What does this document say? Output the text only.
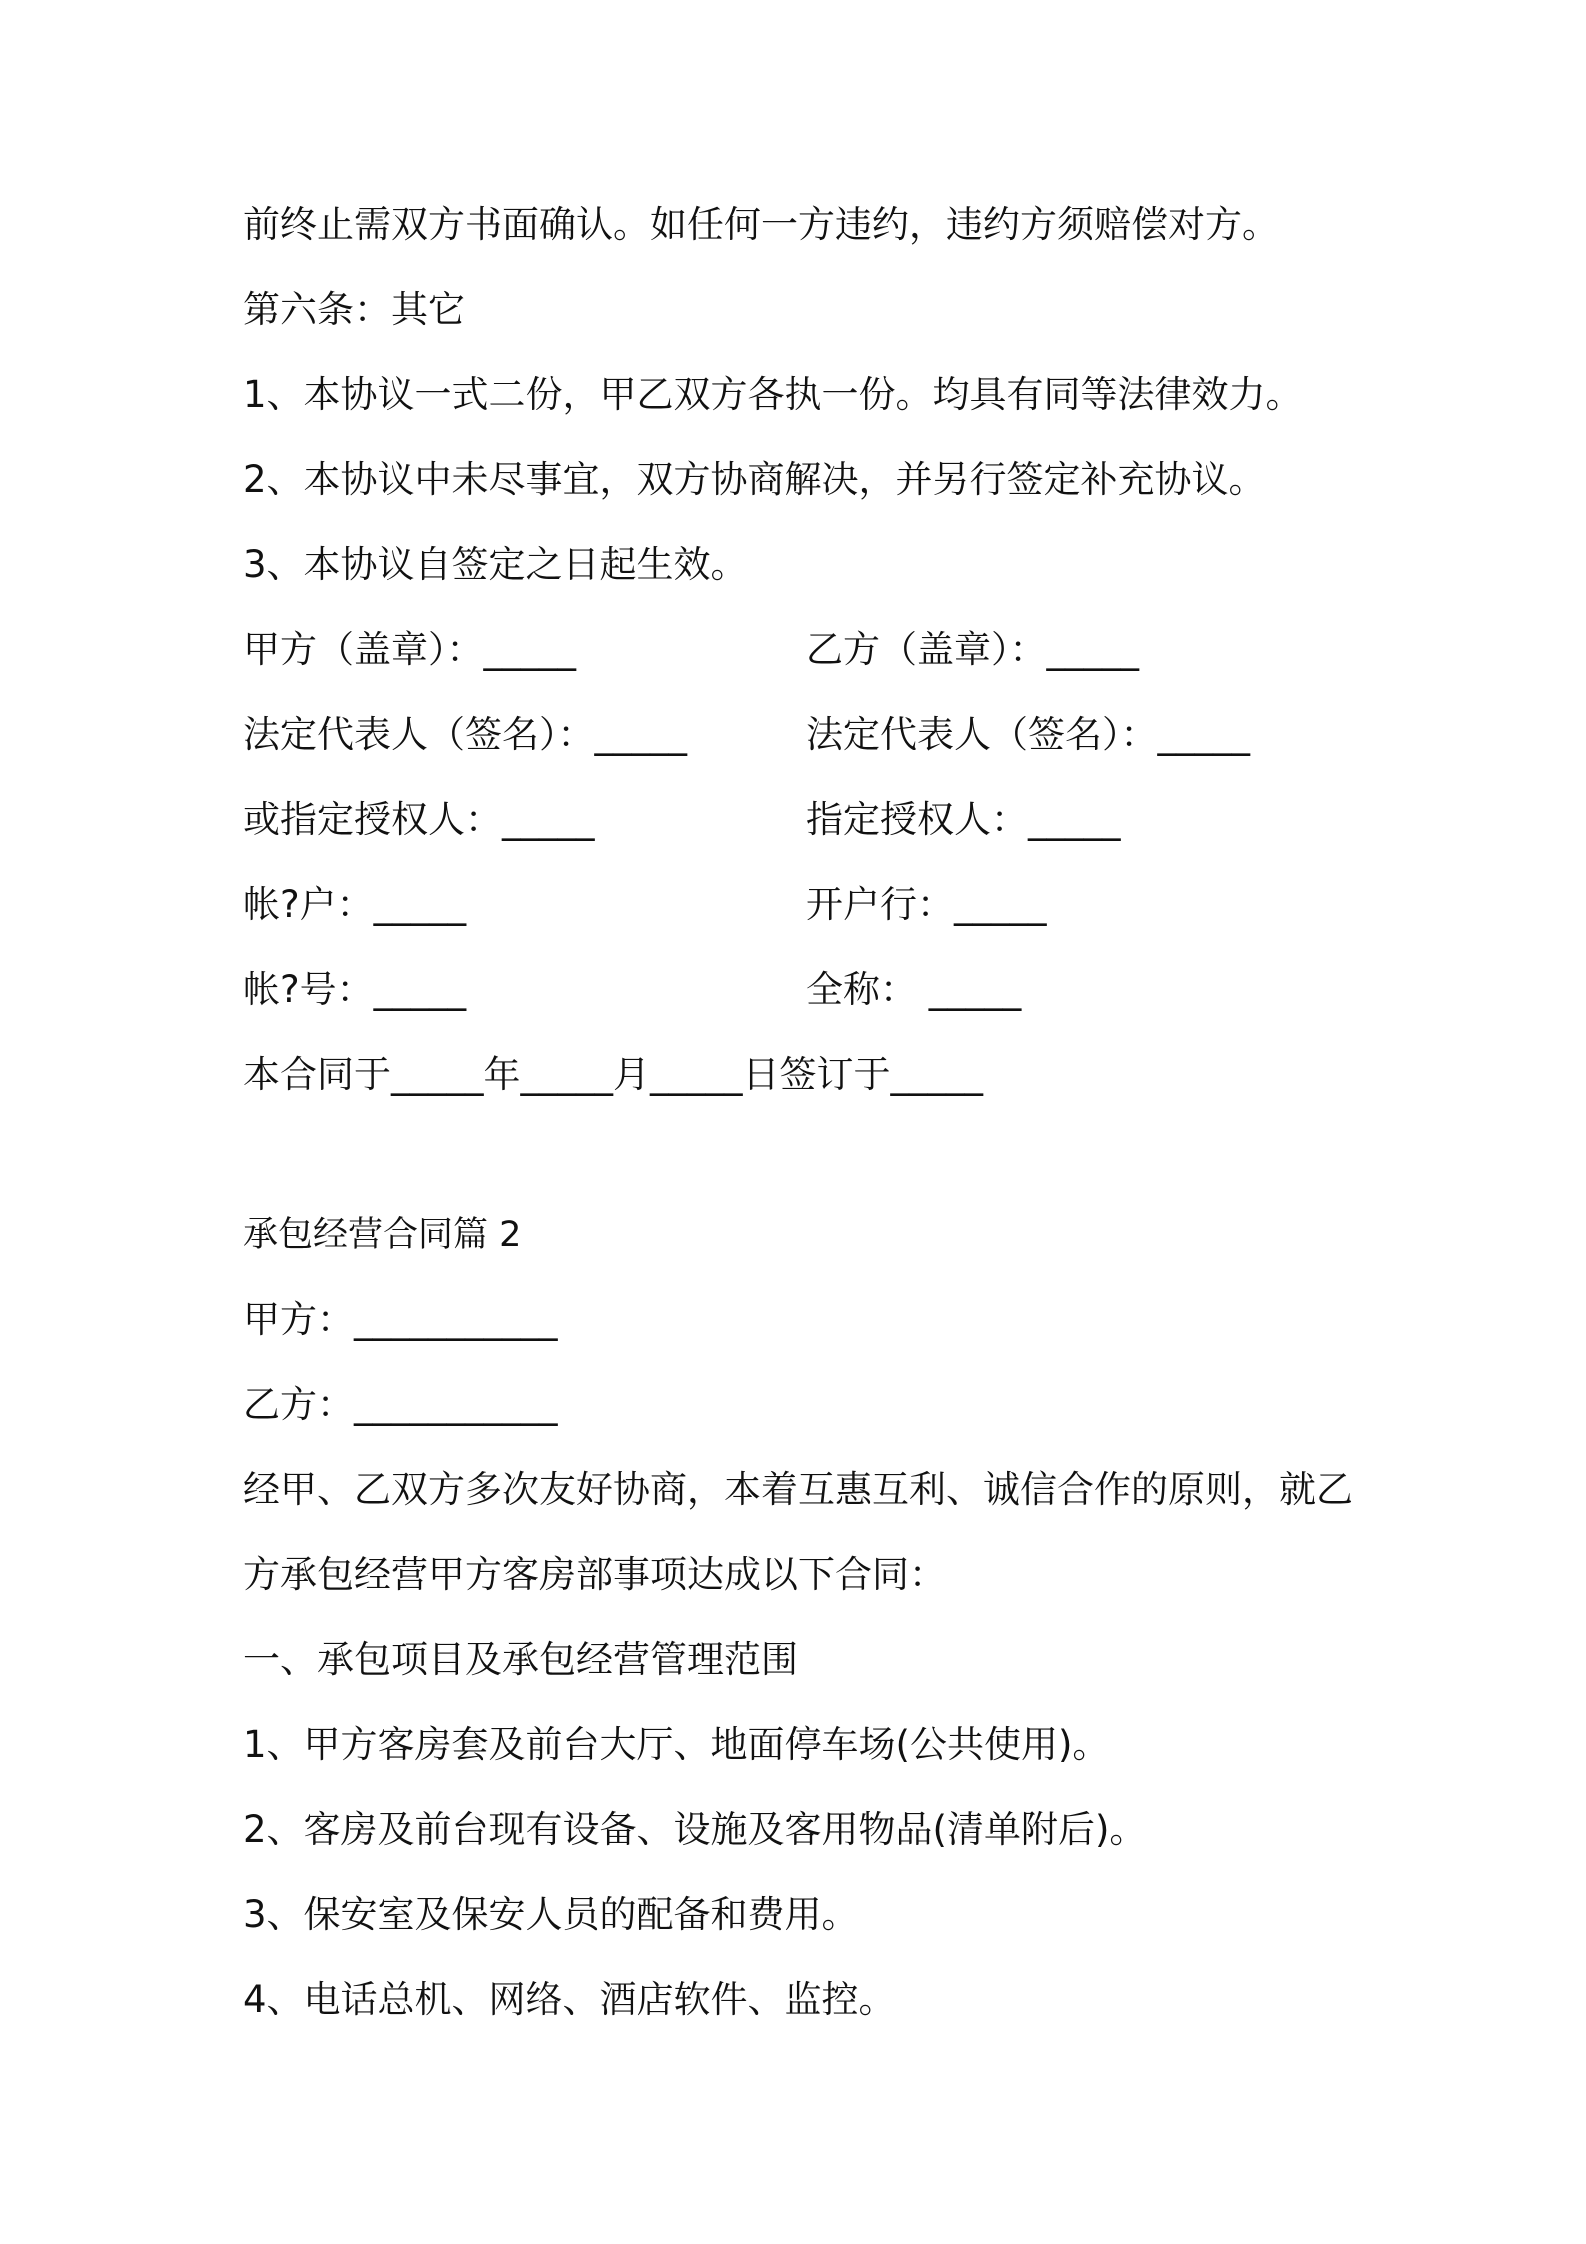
前终止需双方书面确认。如任何一方违约，违约方须赔偿对方。
第六条：其它
1、本协议一式二份，甲乙双方各执一份。均具有同等法律效力。
2、本协议中未尽事宜，双方协商解决，并另行签定补充协议。
3、本协议自签定之日起生效。
甲方（盖章）：_____	乙方（盖章）：_____
法定代表人（签名）：_____	法定代表人（签名）：_____
或指定授权人：_____	指定授权人：_____
帐?户：_____	开户行：_____
帐?号：_____	全称： _____
本合同于_____年_____月_____日签订于_____
承包经营合同篇 2
甲方：___________
乙方：___________
经甲、乙双方多次友好协商，本着互惠互利、诚信合作的原则，就乙
方承包经营甲方客房部事项达成以下合同：
一、承包项目及承包经营管理范围
1、甲方客房套及前台大厅、地面停车场(公共使用)。
2、客房及前台现有设备、设施及客用物品(清单附后)。
3、保安室及保安人员的配备和费用。
4、电话总机、网络、酒店软件、监控。
